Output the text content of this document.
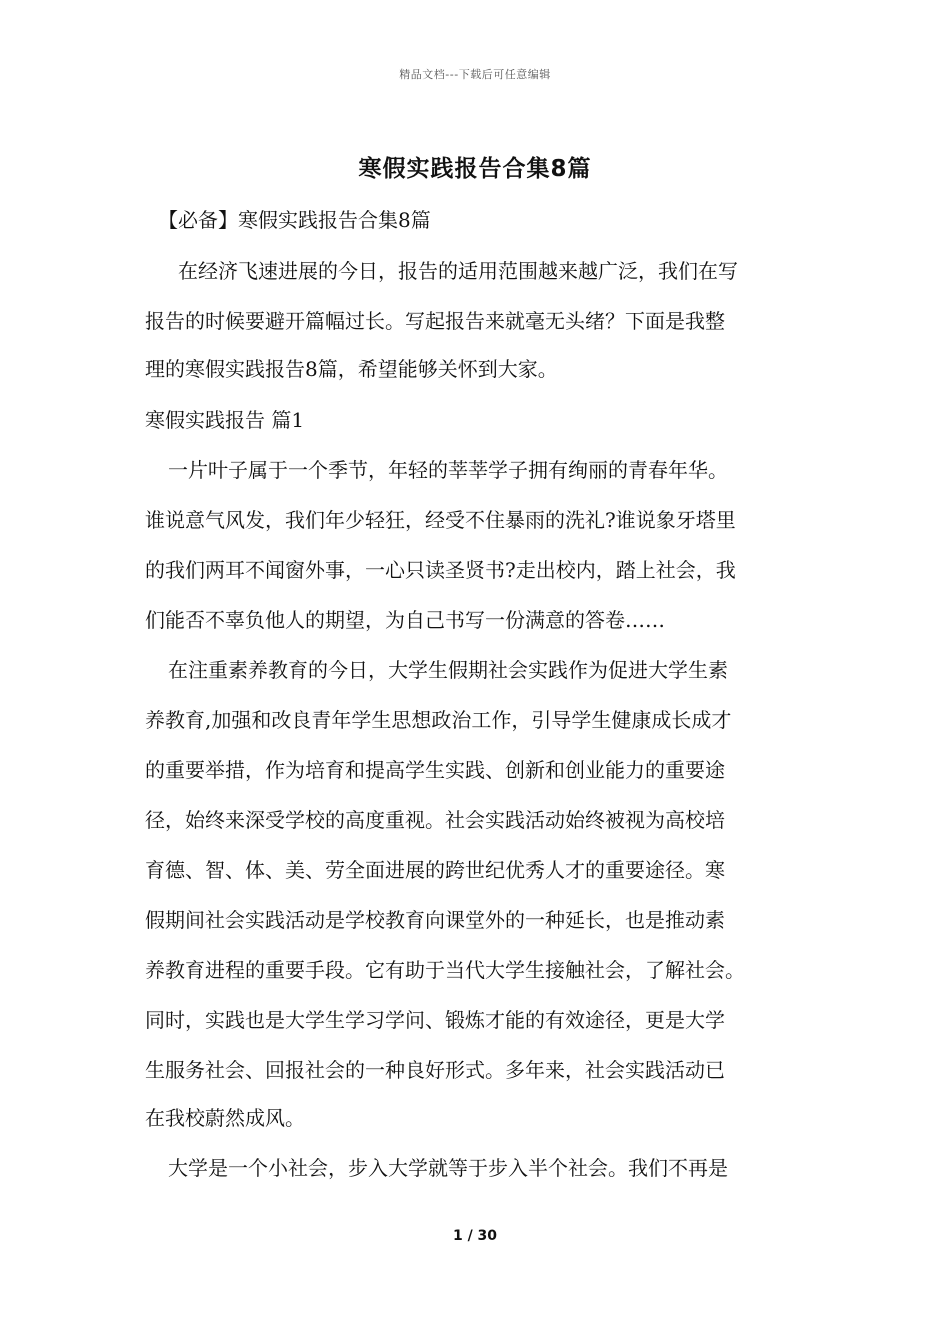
精品文档---下载后可任意编辑
寒假实践报告合集8篇
【必备】寒假实践报告合集8篇
在经济飞速进展的今日，报告的适用范围越来越广泛，我们在写
报告的时候要避开篇幅过长。写起报告来就毫无头绪？下面是我整
理的寒假实践报告8篇，希望能够关怀到大家。
寒假实践报告 篇1
一片叶子属于一个季节，年轻的莘莘学子拥有绚丽的青春年华。
谁说意气风发，我们年少轻狂，经受不住暴雨的洗礼?谁说象牙塔里
的我们两耳不闻窗外事，一心只读圣贤书?走出校内，踏上社会，我
们能否不辜负他人的期望，为自己书写一份满意的答卷……
在注重素养教育的今日，大学生假期社会实践作为促进大学生素
养教育,加强和改良青年学生思想政治工作，引导学生健康成长成才
的重要举措，作为培育和提高学生实践、创新和创业能力的重要途
径，始终来深受学校的高度重视。社会实践活动始终被视为高校培
育德、智、体、美、劳全面进展的跨世纪优秀人才的重要途径。寒
假期间社会实践活动是学校教育向课堂外的一种延长，也是推动素
养教育进程的重要手段。它有助于当代大学生接触社会，了解社会。
同时，实践也是大学生学习学问、锻炼才能的有效途径，更是大学
生服务社会、回报社会的一种良好形式。多年来，社会实践活动已
在我校蔚然成风。
大学是一个小社会，步入大学就等于步入半个社会。我们不再是
1 / 30
